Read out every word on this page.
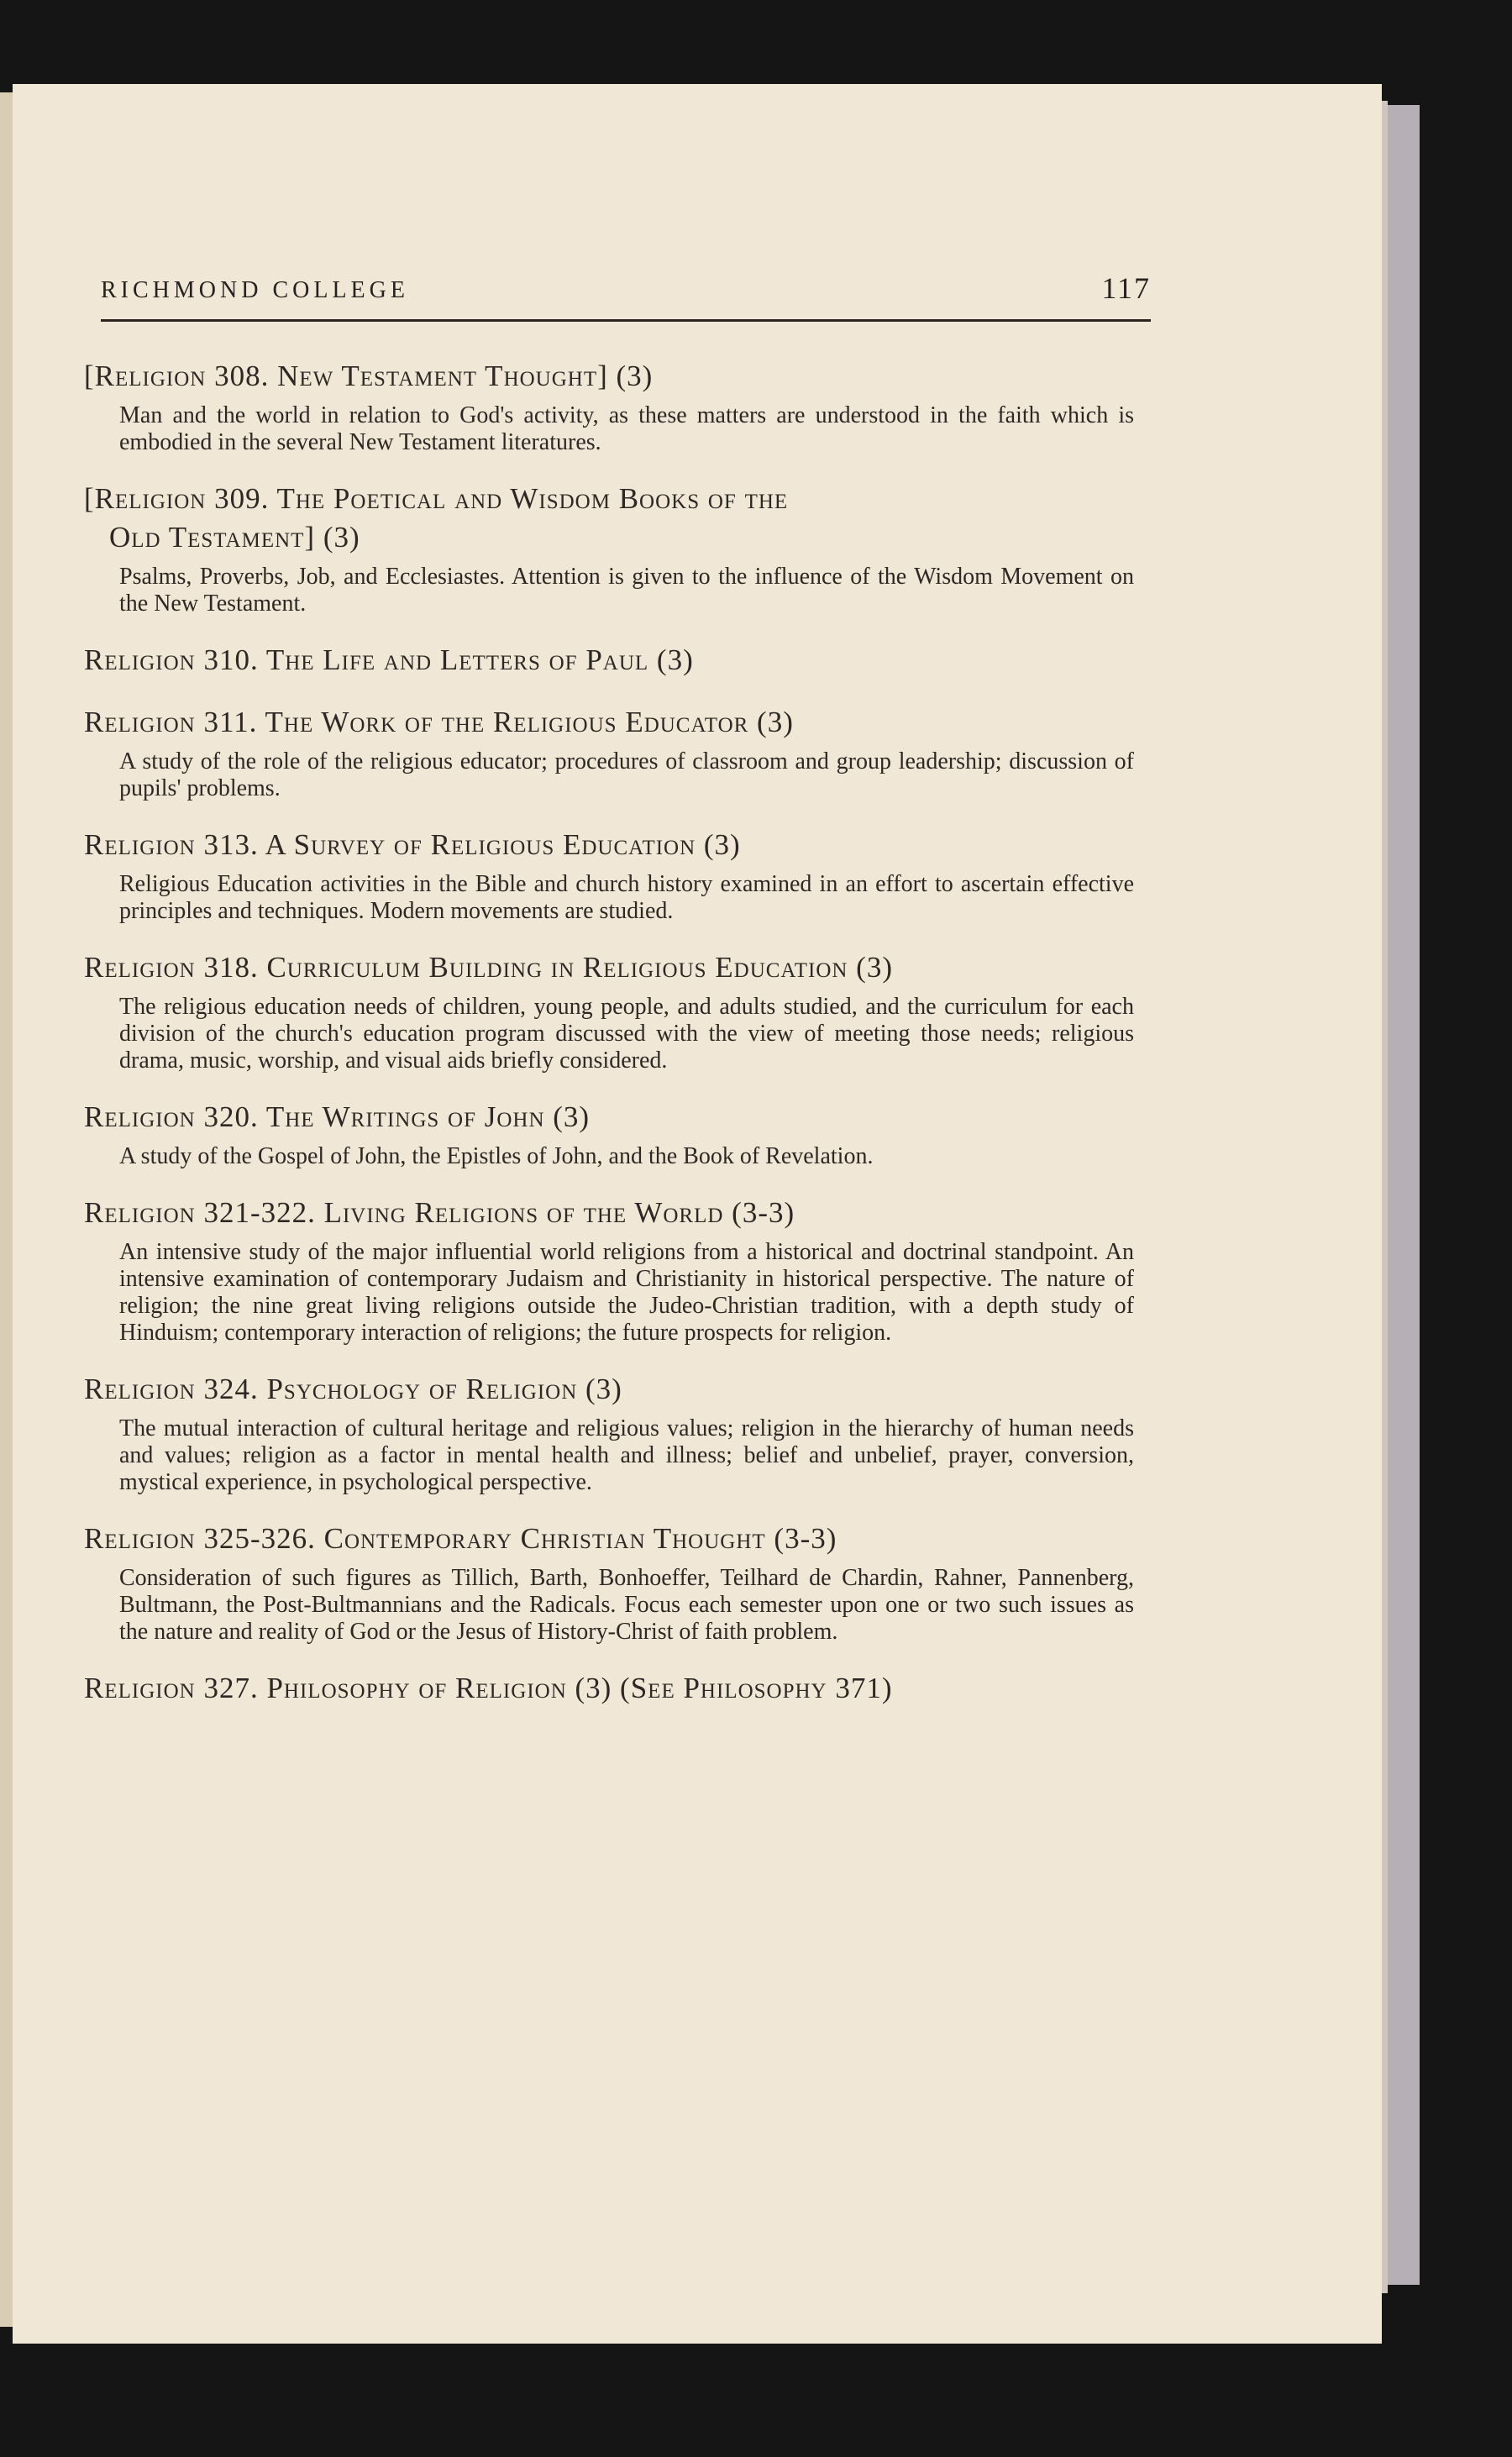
RICHMOND COLLEGE	117
[Religion 308. New Testament Thought] (3)
Man and the world in relation to God's activity, as these matters are understood in the faith which is embodied in the several New Testament literatures.
[Religion 309. The Poetical and Wisdom Books of the
Old Testament] (3)
Psalms, Proverbs, Job, and Ecclesiastes. Attention is given to the influence of the Wisdom Movement on the New Testament.
Religion 310. The Life and Letters of Paul (3)
Religion 311. The Work of the Religious Educator (3)
A study of the role of the religious educator; procedures of classroom and group leadership; discussion of pupils' problems.
Religion 313. A Survey of Religious Education (3)
Religious Education activities in the Bible and church history examined in an effort to ascertain effective principles and techniques. Modern movements are studied.
Religion 318. Curriculum Building in Religious Education (3)
The religious education needs of children, young people, and adults studied, and the curriculum for each division of the church's education program discussed with the view of meeting those needs; religious drama, music, worship, and visual aids briefly considered.
Religion 320. The Writings of John (3)
A study of the Gospel of John, the Epistles of John, and the Book of Revelation.
Religion 321-322. Living Religions of the World (3-3)
An intensive study of the major influential world religions from a historical and doctrinal standpoint. An intensive examination of contemporary Judaism and Christianity in historical perspective. The nature of religion; the nine great living religions outside the Judeo-Christian tradition, with a depth study of Hinduism; contemporary interaction of religions; the future prospects for religion.
Religion 324. Psychology of Religion (3)
The mutual interaction of cultural heritage and religious values; religion in the hierarchy of human needs and values; religion as a factor in mental health and illness; belief and unbelief, prayer, conversion, mystical experience, in psychological perspective.
Religion 325-326. Contemporary Christian Thought (3-3)
Consideration of such figures as Tillich, Barth, Bonhoeffer, Teilhard de Chardin, Rahner, Pannenberg, Bultmann, the Post-Bultmannians and the Radicals. Focus each semester upon one or two such issues as the nature and reality of God or the Jesus of History-Christ of faith problem.
Religion 327. Philosophy of Religion (3) (See Philosophy 371)
